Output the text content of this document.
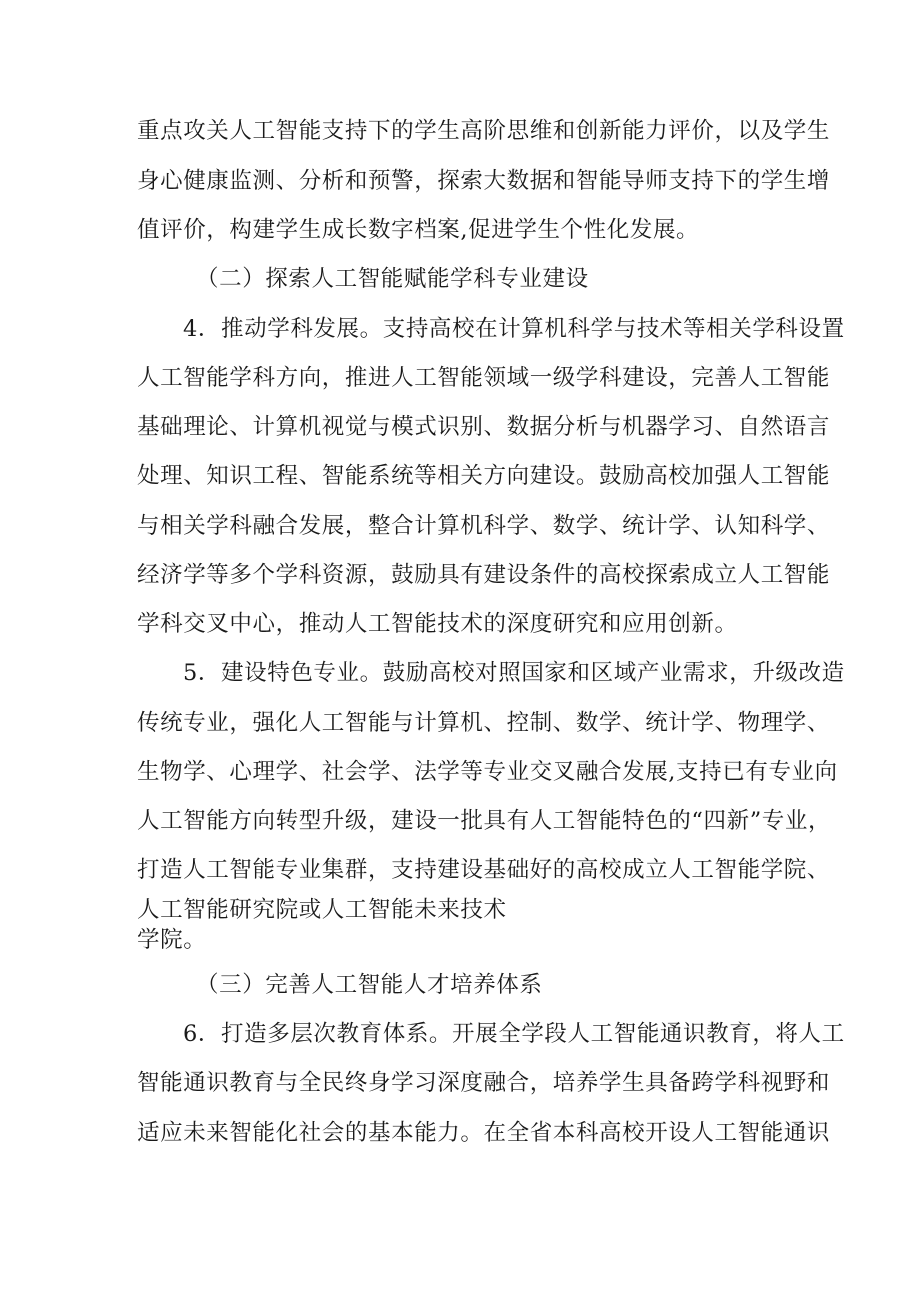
重点攻关人工智能支持下的学生高阶思维和创新能力评价，以及学生
身心健康监测、分析和预警，探索大数据和智能导师支持下的学生增
值评价，构建学生成长数字档案,促进学生个性化发展。
（二）探索人工智能赋能学科专业建设
4．推动学科发展。支持高校在计算机科学与技术等相关学科设置
人工智能学科方向，推进人工智能领域一级学科建设，完善人工智能
基础理论、计算机视觉与模式识别、数据分析与机器学习、自然语言
处理、知识工程、智能系统等相关方向建设。鼓励高校加强人工智能
与相关学科融合发展，整合计算机科学、数学、统计学、认知科学、
经济学等多个学科资源，鼓励具有建设条件的高校探索成立人工智能
学科交叉中心，推动人工智能技术的深度研究和应用创新。
5．建设特色专业。鼓励高校对照国家和区域产业需求，升级改造
传统专业，强化人工智能与计算机、控制、数学、统计学、物理学、
生物学、心理学、社会学、法学等专业交叉融合发展,支持已有专业向
人工智能方向转型升级，建设一批具有人工智能特色的“四新”专业，
打造人工智能专业集群，支持建设基础好的高校成立人工智能学院、
人工智能研究院或人工智能未来技术
学院。
（三）完善人工智能人才培养体系
6．打造多层次教育体系。开展全学段人工智能通识教育，将人工
智能通识教育与全民终身学习深度融合，培养学生具备跨学科视野和
适应未来智能化社会的基本能力。在全省本科高校开设人工智能通识
